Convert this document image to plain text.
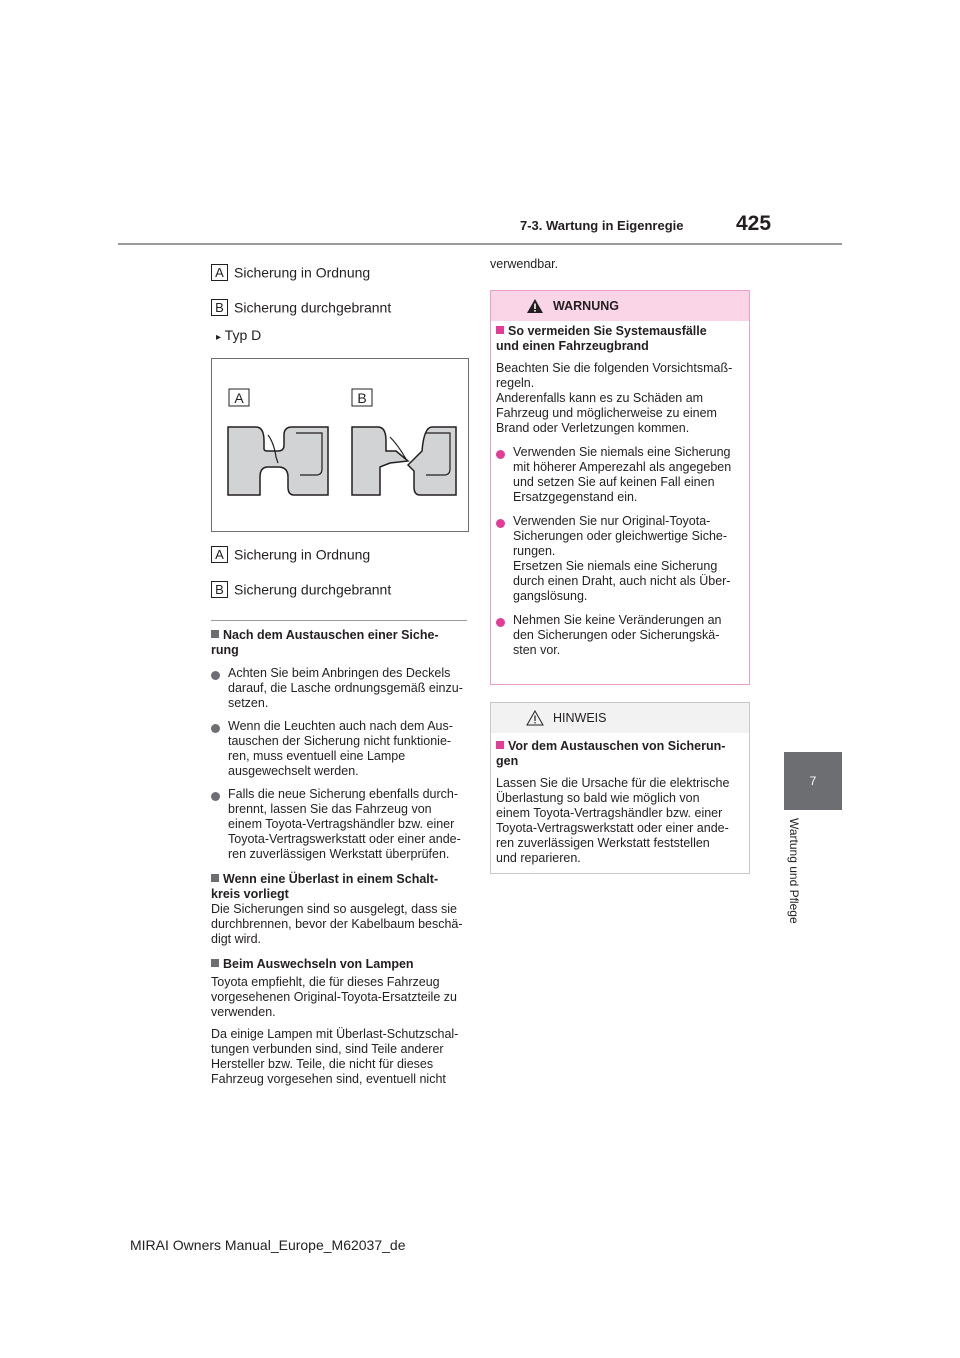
7-3. Wartung in Eigenregie	425
7
Wartung und Pflege
A Sicherung in Ordnung
B Sicherung durchgebrannt
▸ Typ D
A	B
A Sicherung in Ordnung
B Sicherung durchgebrannt
Nach dem Austauschen einer Siche-
rung
Achten Sie beim Anbringen des Deckels
darauf, die Lasche ordnungsgemäß einzu-
setzen.
Wenn die Leuchten auch nach dem Aus-
tauschen der Sicherung nicht funktionie-
ren, muss eventuell eine Lampe
ausgewechselt werden.
Falls die neue Sicherung ebenfalls durch-
brennt, lassen Sie das Fahrzeug von
einem Toyota-Vertragshändler bzw. einer
Toyota-Vertragswerkstatt oder einer ande-
ren zuverlässigen Werkstatt überprüfen.
Wenn eine Überlast in einem Schalt-
kreis vorliegt
Die Sicherungen sind so ausgelegt, dass sie
durchbrennen, bevor der Kabelbaum beschä-
digt wird.
Beim Auswechseln von Lampen
Toyota empfiehlt, die für dieses Fahrzeug
vorgesehenen Original-Toyota-Ersatzteile zu
verwenden.
Da einige Lampen mit Überlast-Schutzschal-
tungen verbunden sind, sind Teile anderer
Hersteller bzw. Teile, die nicht für dieses
Fahrzeug vorgesehen sind, eventuell nicht
verwendbar.
WARNUNG
So vermeiden Sie Systemausfälle
und einen Fahrzeugbrand
Beachten Sie die folgenden Vorsichtsmaß-
regeln.
Anderenfalls kann es zu Schäden am
Fahrzeug und möglicherweise zu einem
Brand oder Verletzungen kommen.
Verwenden Sie niemals eine Sicherung
mit höherer Amperezahl als angegeben
und setzen Sie auf keinen Fall einen
Ersatzgegenstand ein.
Verwenden Sie nur Original-Toyota-
Sicherungen oder gleichwertige Siche-
rungen.
Ersetzen Sie niemals eine Sicherung
durch einen Draht, auch nicht als Über-
gangslösung.
Nehmen Sie keine Veränderungen an
den Sicherungen oder Sicherungskä-
sten vor.
HINWEIS
Vor dem Austauschen von Sicherun-
gen
Lassen Sie die Ursache für die elektrische
Überlastung so bald wie möglich von
einem Toyota-Vertragshändler bzw. einer
Toyota-Vertragswerkstatt oder einer ande-
ren zuverlässigen Werkstatt feststellen
und reparieren.
MIRAI Owners Manual_Europe_M62037_de
